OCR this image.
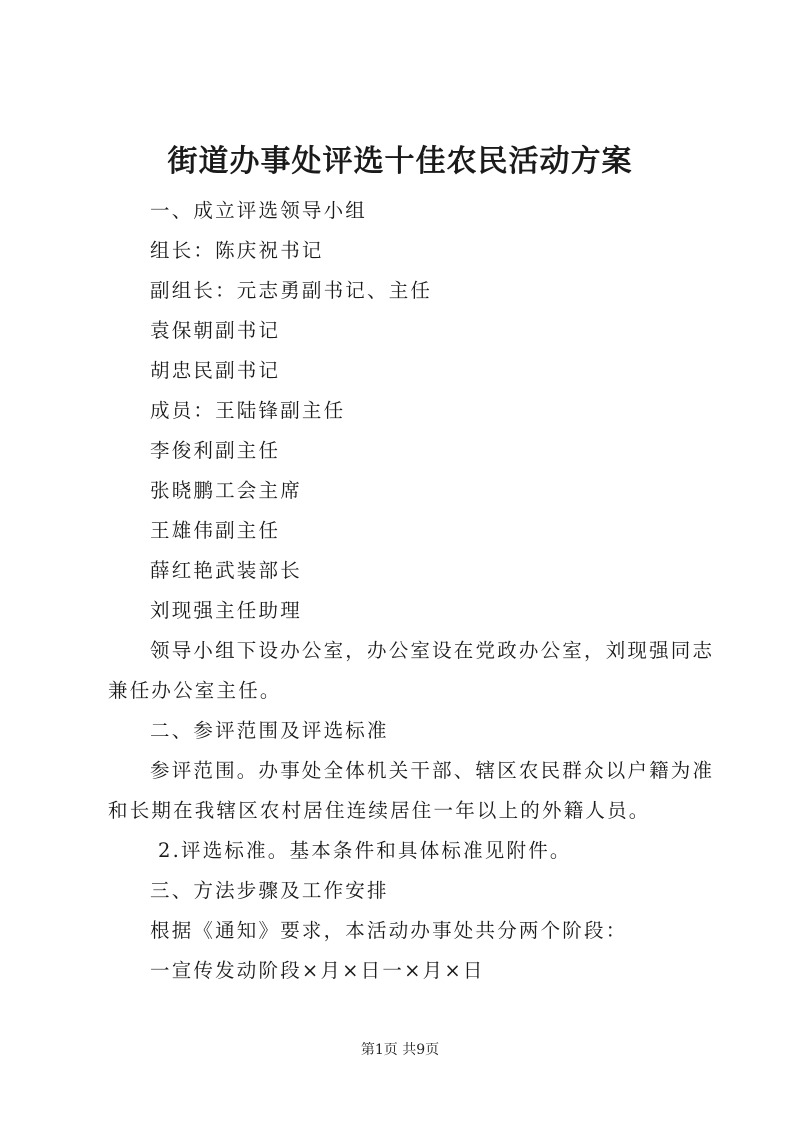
街道办事处评选十佳农民活动方案
一、成立评选领导小组
组长：陈庆祝书记
副组长：元志勇副书记、主任
袁保朝副书记
胡忠民副书记
成员：王陆锋副主任
李俊利副主任
张晓鹏工会主席
王雄伟副主任
薛红艳武装部长
刘现强主任助理
领导小组下设办公室，办公室设在党政办公室，刘现强同志
兼任办公室主任。
二、参评范围及评选标准
参评范围。办事处全体机关干部、辖区农民群众以户籍为准
和长期在我辖区农村居住连续居住一年以上的外籍人员。
2.评选标准。基本条件和具体标准见附件。
三、方法步骤及工作安排
根据《通知》要求，本活动办事处共分两个阶段：
一宣传发动阶段×月×日一×月×日
第1页 共9页
